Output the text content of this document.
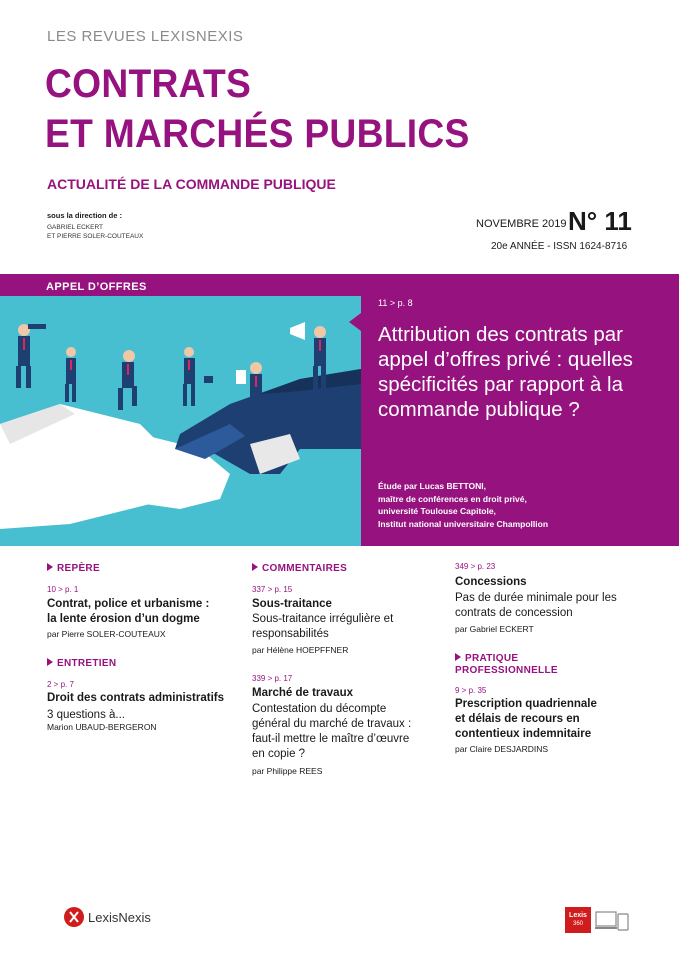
LES REVUES LEXISNEXIS
CONTRATS
ET MARCHÉS PUBLICS
ACTUALITÉ DE LA COMMANDE PUBLIQUE
sous la direction de :
GABRIEL ECKERT
ET PIERRE SOLER-COUTEAUX
NOVEMBRE 2019 -
N° 11
20e ANNÉE - ISSN 1624-8716
APPEL D’OFFRES
11 > p. 8
Attribution des contrats par appel d’offres privé : quelles spécificités par rapport à la commande publique ?
Étude par Lucas BETTONI,
maître de conférences en droit privé,
université Toulouse Capitole,
Institut national universitaire Champollion
REPÈRE
10 > p. 1
Contrat, police et urbanisme :
la lente érosion d’un dogme
par Pierre SOLER-COUTEAUX
ENTRETIEN
2 > p. 7
Droit des contrats administratifs
3 questions à...
Marion UBAUD-BERGERON
COMMENTAIRES
337 > p. 15
Sous-traitance
Sous-traitance irrégulière et
responsabilités
par Hélène HOEPFFNER
339 > p. 17
Marché de travaux
Contestation du décompte
général du marché de travaux :
faut-il mettre le maître d’œuvre
en copie ?
par Philippe REES
349 > p. 23
Concessions
Pas de durée minimale pour les
contrats de concession
par Gabriel ECKERT
PRATIQUE
PROFESSIONNELLE
9 > p. 35
Prescription quadriennale
et délais de recours en
contentieux indemnitaire
par Claire DESJARDINS
LexisNexis	Lexis
360
